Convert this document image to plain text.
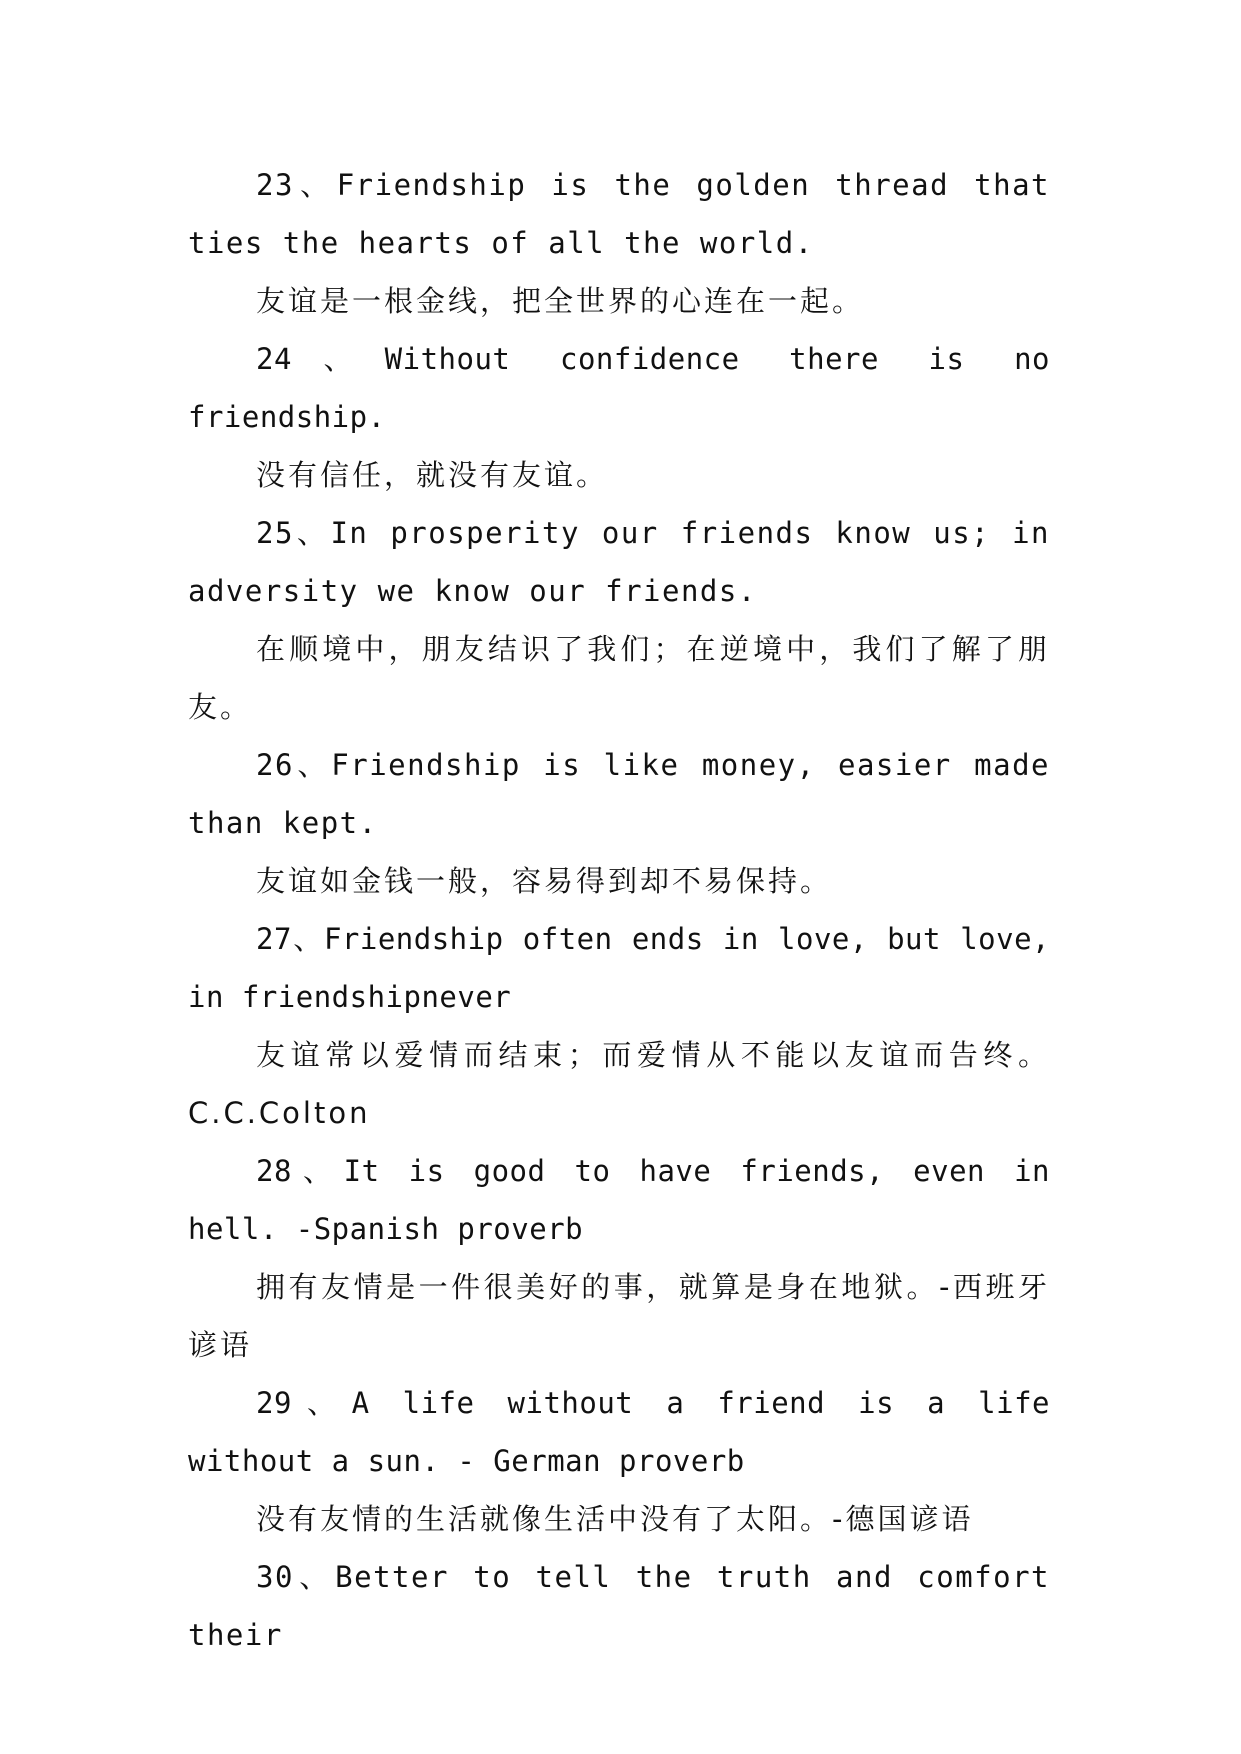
23、Friendship is the golden thread that ties the hearts of all the world.

友谊是一根金线，把全世界的心连在一起。

24、Without confidence there is no friendship.

没有信任，就没有友谊。

25、In prosperity our friends know us; in adversity we know our friends.

在顺境中，朋友结识了我们；在逆境中，我们了解了朋友。

26、Friendship is like money, easier made than kept.

友谊如金钱一般，容易得到却不易保持。

27、Friendship often ends in love, but love, in friendshipnever

友谊常以爱情而结束；而爱情从不能以友谊而告终。C.C.Colton

28、It is good to have friends, even in hell. -Spanish proverb

拥有友情是一件很美好的事，就算是身在地狱。-西班牙谚语

29、A life without a friend is a life without a sun. - German proverb

没有友情的生活就像生活中没有了太阳。-德国谚语

30、Better to tell the truth and comfort their
